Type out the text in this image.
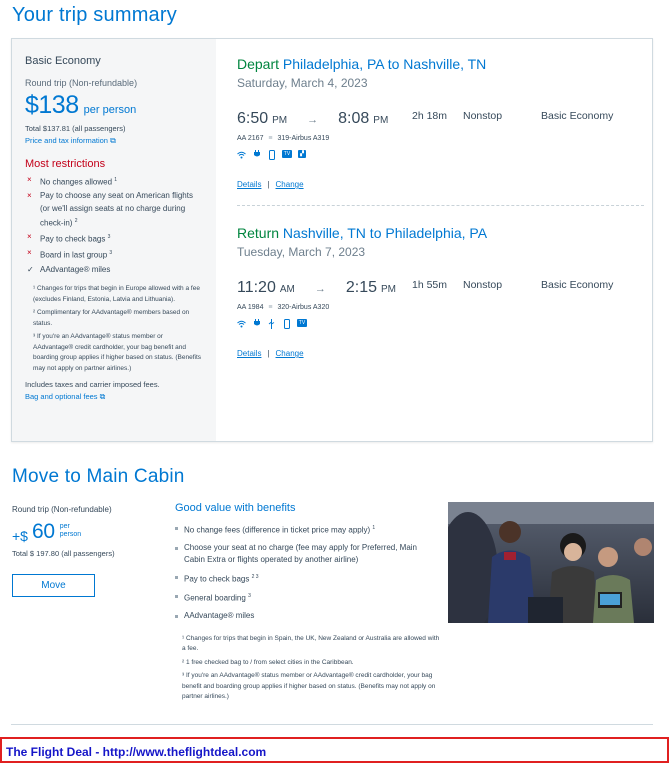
Your trip summary
Basic Economy
Round trip (Non-refundable)
$138 per person
Total $137.81 (all passengers)
Price and tax information ⧉
Most restrictions
× No changes allowed $^1$
× Pay to choose any seat on American flights (or we'll assign seats at no charge during check-in) $^2$
× Pay to check bags $^3$
× Board in last group $^3$
✓ AAdvantage® miles

¹ Changes for trips that begin in Europe allowed with a fee (excludes Finland, Estonia, Latvia and Lithuania).

² Complimentary for AAdvantage® members based on status.

³ If you're an AAdvantage® status member or AAdvantage® credit cardholder, your bag benefit and boarding group applies if higher based on status. (Benefits may not apply on partner airlines.)

Includes taxes and carrier imposed fees.
Bag and optional fees ⧉
Depart Philadelphia, PA to Nashville, TN
Saturday, March 4, 2023
6:50 PM → 8:08 PM 2h 18m Nonstop	Basic Economy
AA 2167 ≡ 319-Airbus A319
TV	▞
Details | Change
Return Nashville, TN to Philadelphia, PA
Tuesday, March 7, 2023
11:20 AM → 2:15 PM 1h 55m Nonstop	Basic Economy
AA 1984 ≡ 320-Airbus A320
TV
Details | Change
Move to Main Cabin
Round trip (Non-refundable)
+$ 60 per
person
Total $ 197.80 (all passengers)
Move
Good value with benefits
No change fees (difference in ticket price may apply) $^1$
Choose your seat at no charge (fee may apply for Preferred, Main Cabin Extra or flights operated by another airline)
Pay to check bags $^{2 3}$
General boarding $^3$
AAdvantage® miles

¹ Changes for trips that begin in Spain, the UK, New Zealand or Australia are allowed with a fee.

² 1 free checked bag to / from select cities in the Caribbean.

³ If you're an AAdvantage® status member or AAdvantage® credit cardholder, your bag benefit and boarding group applies if higher based on status. (Benefits may not apply on partner airlines.)

The Flight Deal - http://www.theflightdeal.com
